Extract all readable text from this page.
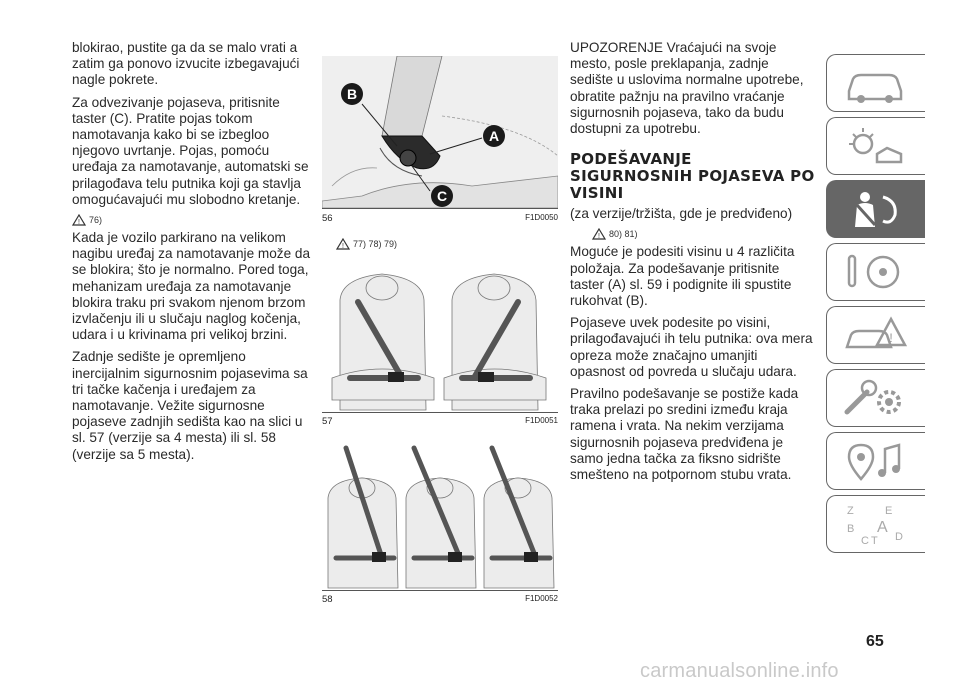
blokirao, pustite ga da se malo vrati a zatim ga ponovo izvucite izbegavajući nagle pokrete.

Za odvezivanje pojaseva, pritisnite taster (C). Pratite pojas tokom namotavanja kako bi se izbegloo njegovo uvrtanje. Pojas, pomoću uređaja za namotavanje, automatski se prilagođava telu putnika koji ga stavlja omogućavajući mu slobodno kretanje.

! 76)

Kada je vozilo parkirano na velikom nagibu uređaj za namotavanje može da se blokira; što je normalno. Pored toga, mehanizam uređaja za namotavanje blokira traku pri svakom njenom brzom izvlačenju ili u slučaju naglog kočenja, udara i u krivinama pri velikoj brzini.

Zadnje sedište je opremljeno inercijalnim sigurnosnim pojasevima sa tri tačke kačenja i uređajem za namotavanje. Vežite sigurnosne pojaseve zadnjih sedišta kao na slici u sl. 57 (verzije sa 4 mesta) ili sl. 58 (verzije sa 5 mesta).

B
A
C
56	F1D0050
! 77) 78) 79)
57	F1D0051
58	F1D0052

UPOZORENJE Vraćajući na svoje mesto, posle preklapanja, zadnje sedište u uslovima normalne upotrebe, obratite pažnju na pravilno vraćanje sigurnosnih pojaseva, tako da budu dostupni za upotrebu.

PODEŠAVANJE SIGURNOSNIH POJASEVA PO VISINI

(za verzije/tržišta, gde je predviđeno)

! 80) 81)

Moguće je podesiti visinu u 4 različita položaja. Za podešavanje pritisnite taster (A) sl. 59 i podignite ili spustite rukohvat (B).

Pojaseve uvek podesite po visini, prilagođavajući ih telu putnika: ova mera opreza može značajno umanjiti opasnost od povreda u slučaju udara.

Pravilno podešavanje se postiže kada traka prelazi po sredini između kraja ramena i vrata. Na nekim verzijama sigurnosnih pojaseva predviđena je samo jedna tačka za fiksno sidrište smešteno na potpornom stubu vrata.

!
Z	E
B A
C T D
65
carmanualsonline.info
